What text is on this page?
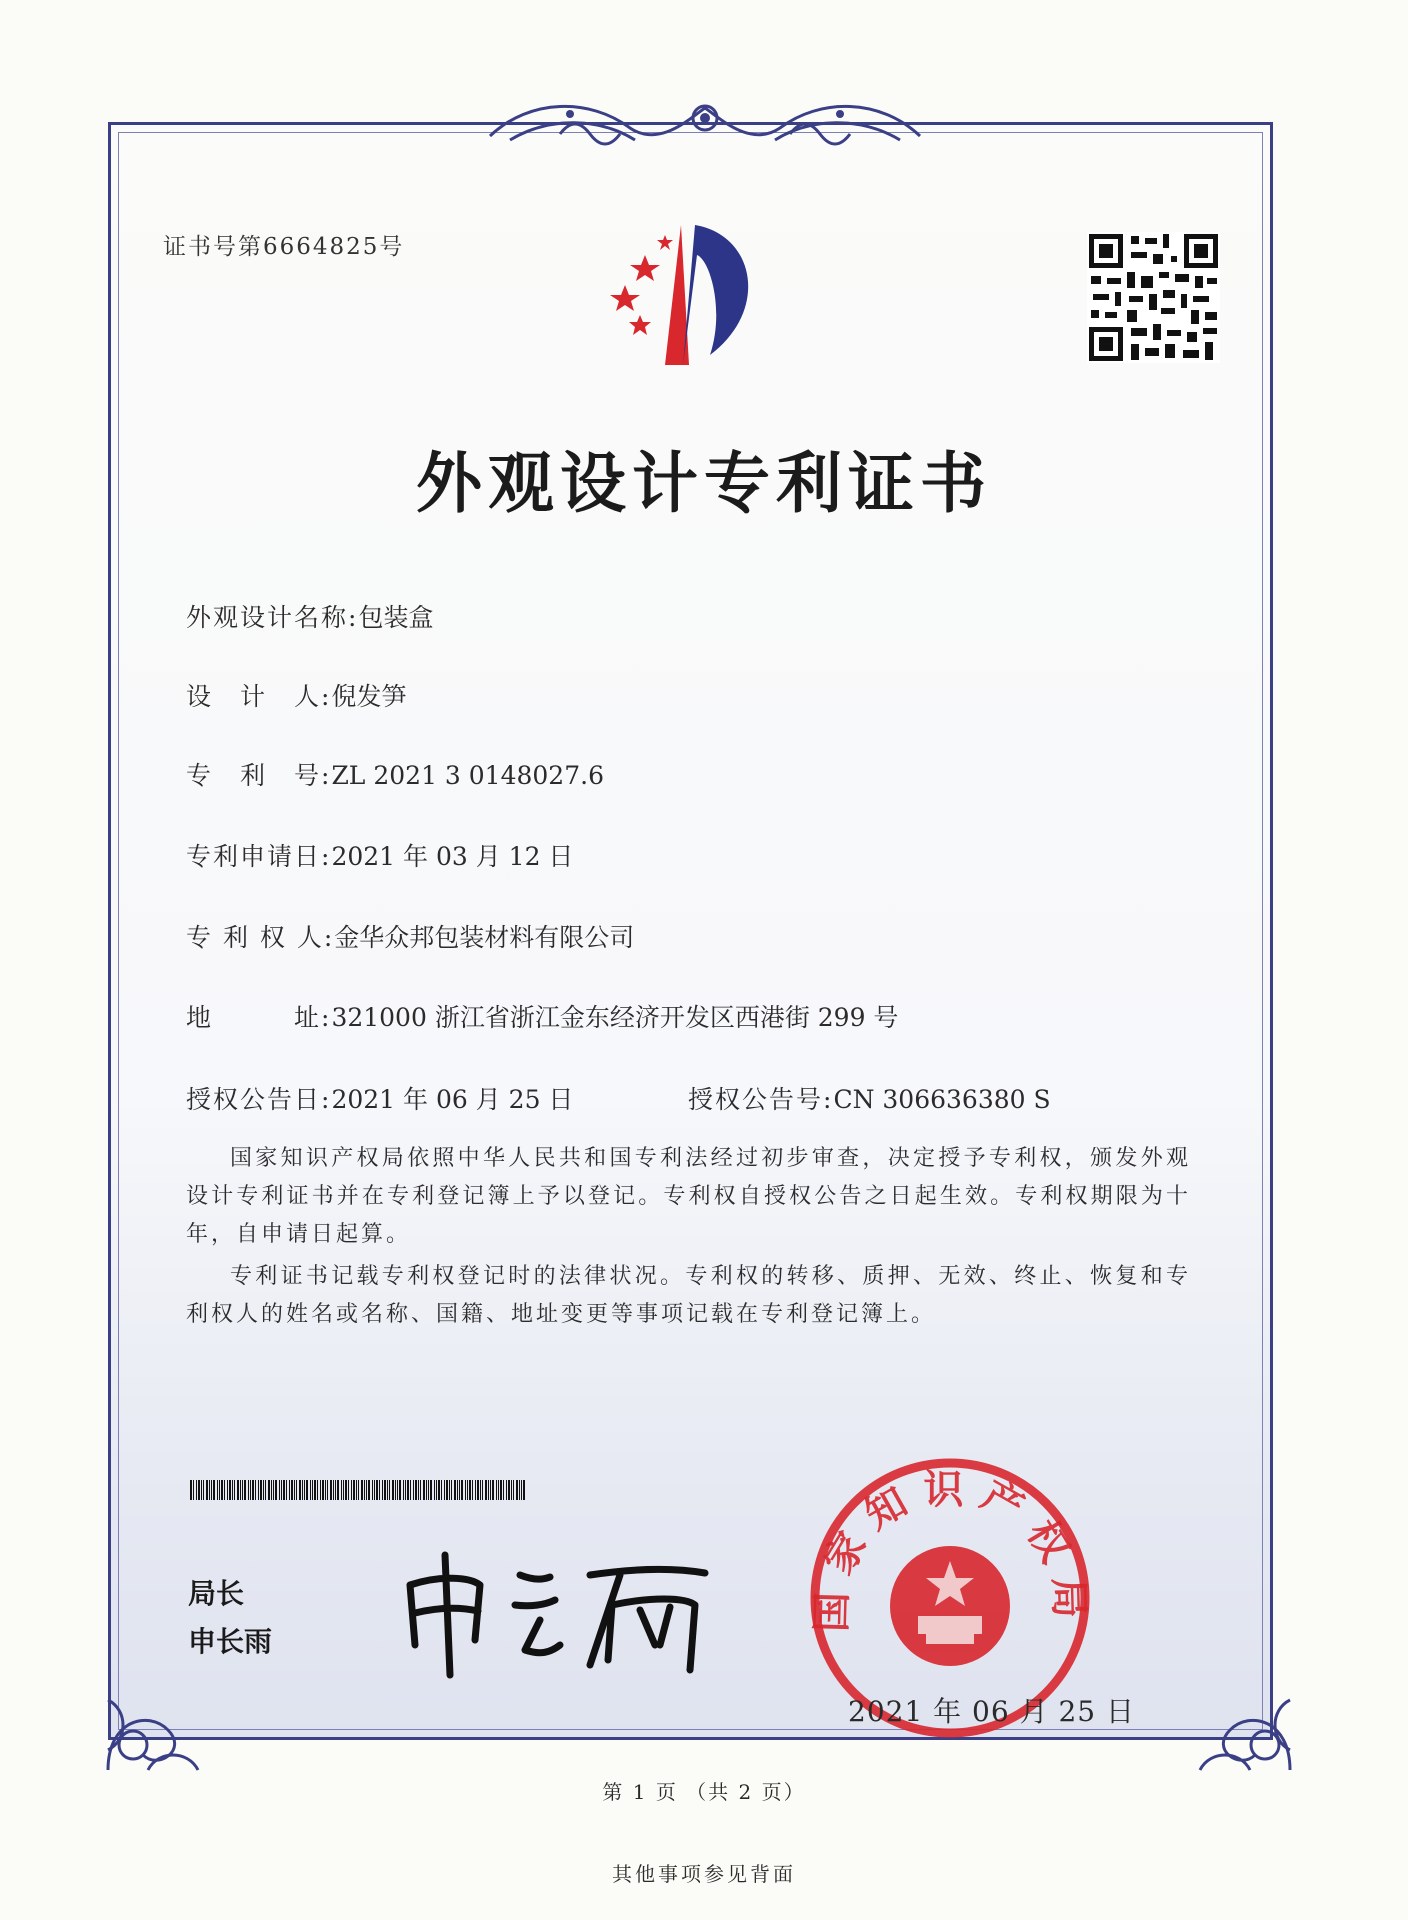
证书号第6664825号
外观设计专利证书
外观设计名称:包装盒
设　计　人:倪发笋
专　利　号:ZL 2021 3 0148027.6
专利申请日:2021 年 03 月 12 日
专 利 权 人:金华众邦包装材料有限公司
地　　　址:321000 浙江省浙江金东经济开发区西港街 299 号
授权公告日:2021 年 06 月 25 日	授权公告号:CN 306636380 S
国家知识产权局依照中华人民共和国专利法经过初步审查，决定授予专利权，颁发外观设计专利证书并在专利登记簿上予以登记。专利权自授权公告之日起生效。专利权期限为十年，自申请日起算。
专利证书记载专利权登记时的法律状况。专利权的转移、质押、无效、终止、恢复和专利权人的姓名或名称、国籍、地址变更等事项记载在专利登记簿上。
局长
申长雨
国家知识产权局
2021 年 06 月 25 日
第 1 页 （共 2 页）
其他事项参见背面
